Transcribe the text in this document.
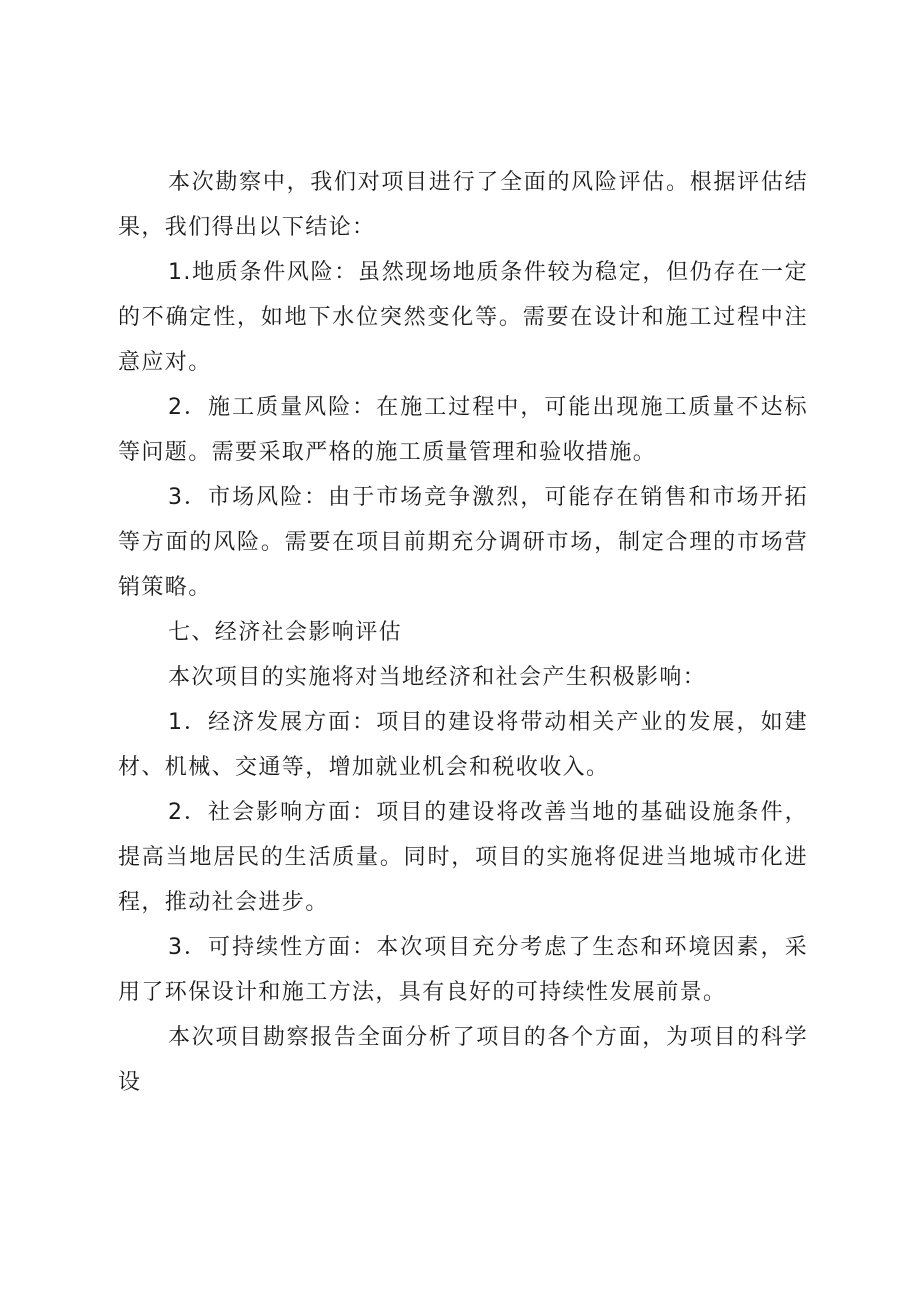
本次勘察中，我们对项目进行了全面的风险评估。根据评估结果，我们得出以下结论：

1.地质条件风险：虽然现场地质条件较为稳定，但仍存在一定的不确定性，如地下水位突然变化等。需要在设计和施工过程中注意应对。

2．施工质量风险：在施工过程中，可能出现施工质量不达标等问题。需要采取严格的施工质量管理和验收措施。

3．市场风险：由于市场竞争激烈，可能存在销售和市场开拓等方面的风险。需要在项目前期充分调研市场，制定合理的市场营销策略。

七、经济社会影响评估

本次项目的实施将对当地经济和社会产生积极影响：

1．经济发展方面：项目的建设将带动相关产业的发展，如建材、机械、交通等，增加就业机会和税收收入。

2．社会影响方面：项目的建设将改善当地的基础设施条件，提高当地居民的生活质量。同时，项目的实施将促进当地城市化进程，推动社会进步。

3．可持续性方面：本次项目充分考虑了生态和环境因素，采用了环保设计和施工方法，具有良好的可持续性发展前景。

本次项目勘察报告全面分析了项目的各个方面，为项目的科学设
